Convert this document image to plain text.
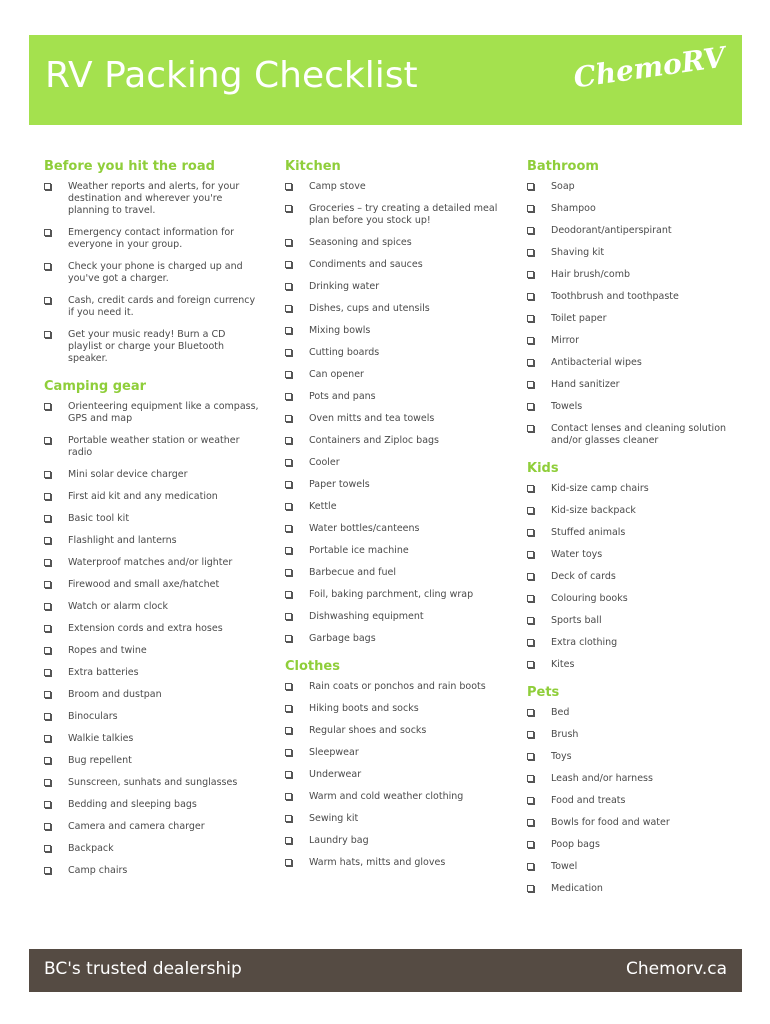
RV Packing Checklist	ChemoRV
Before you hit the road
Weather reports and alerts, for your destination and wherever you're planning to travel.
Emergency contact information for everyone in your group.
Check your phone is charged up and you've got a charger.
Cash, credit cards and foreign currency if you need it.
Get your music ready! Burn a CD playlist or charge your Bluetooth speaker.
Camping gear
Orienteering equipment like a compass, GPS and map
Portable weather station or weather radio
Mini solar device charger
First aid kit and any medication
Basic tool kit
Flashlight and lanterns
Waterproof matches and/or lighter
Firewood and small axe/hatchet
Watch or alarm clock
Extension cords and extra hoses
Ropes and twine
Extra batteries
Broom and dustpan
Binoculars
Walkie talkies
Bug repellent
Sunscreen, sunhats and sunglasses
Bedding and sleeping bags
Camera and camera charger
Backpack
Camp chairs
Kitchen
Camp stove
Groceries – try creating a detailed meal plan before you stock up!
Seasoning and spices
Condiments and sauces
Drinking water
Dishes, cups and utensils
Mixing bowls
Cutting boards
Can opener
Pots and pans
Oven mitts and tea towels
Containers and Ziploc bags
Cooler
Paper towels
Kettle
Water bottles/canteens
Portable ice machine
Barbecue and fuel
Foil, baking parchment, cling wrap
Dishwashing equipment
Garbage bags
Clothes
Rain coats or ponchos and rain boots
Hiking boots and socks
Regular shoes and socks
Sleepwear
Underwear
Warm and cold weather clothing
Sewing kit
Laundry bag
Warm hats, mitts and gloves
Bathroom
Soap
Shampoo
Deodorant/antiperspirant
Shaving kit
Hair brush/comb
Toothbrush and toothpaste
Toilet paper
Mirror
Antibacterial wipes
Hand sanitizer
Towels
Contact lenses and cleaning solution and/or glasses cleaner
Kids
Kid-size camp chairs
Kid-size backpack
Stuffed animals
Water toys
Deck of cards
Colouring books
Sports ball
Extra clothing
Kites
Pets
Bed
Brush
Toys
Leash and/or harness
Food and treats
Bowls for food and water
Poop bags
Towel
Medication
BC's trusted dealership	Chemorv.ca
